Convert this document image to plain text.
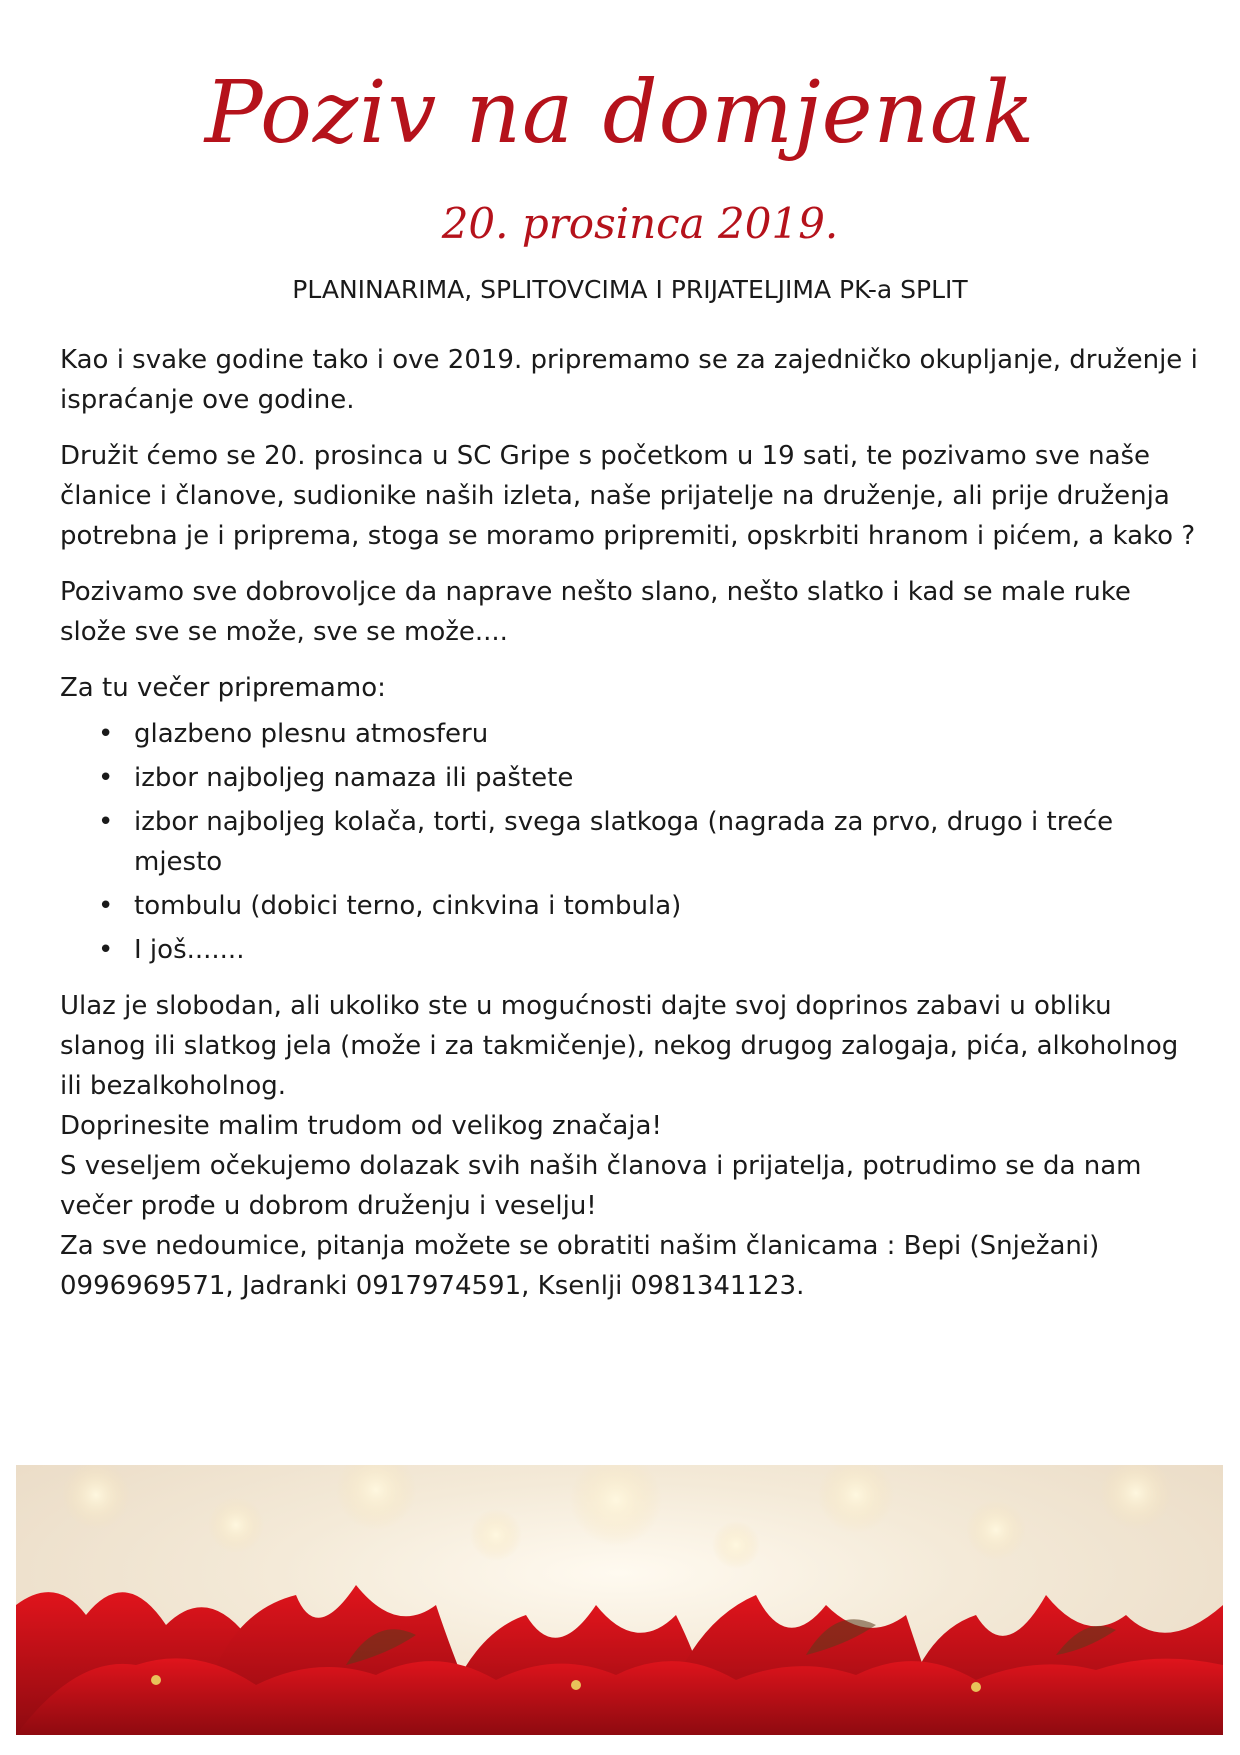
Poziv na domjenak
20. prosinca 2019.
PLANINARIMA, SPLITOVCIMA I PRIJATELJIMA PK-a SPLIT

Kao i svake godine tako i ove 2019. pripremamo se za zajedničko okupljanje, druženje i ispraćanje ove godine.

Družit ćemo se 20. prosinca u SC Gripe s početkom u 19 sati, te pozivamo sve naše članice i članove, sudionike naših izleta, naše prijatelje na druženje, ali prije druženja potrebna je i priprema, stoga se moramo pripremiti, opskrbiti hranom i pićem, a kako ?

Pozivamo sve dobrovoljce da naprave nešto slano, nešto slatko i kad se male ruke slože sve se može, sve se može....

Za tu večer pripremamo:

• glazbeno plesnu atmosferu
• izbor najboljeg namaza ili paštete
• izbor najboljeg kolača, torti, svega slatkoga (nagrada za prvo, drugo i treće mjesto
• tombulu (dobici terno, cinkvina i tombula)
• I još.......

Ulaz je slobodan, ali ukoliko ste u mogućnosti dajte svoj doprinos zabavi u obliku slanog ili slatkog jela (može i za takmičenje), nekog drugog zalogaja, pića, alkoholnog ili bezalkoholnog.

Doprinesite malim trudom od velikog značaja!

S veseljem očekujemo dolazak svih naših članova i prijatelja, potrudimo se da nam večer prođe u dobrom druženju i veselju!

Za sve nedoumice, pitanja možete se obratiti našim članicama : Bepi (Snježani) 0996969571, Jadranki 0917974591, Ksenlji 0981341123.
